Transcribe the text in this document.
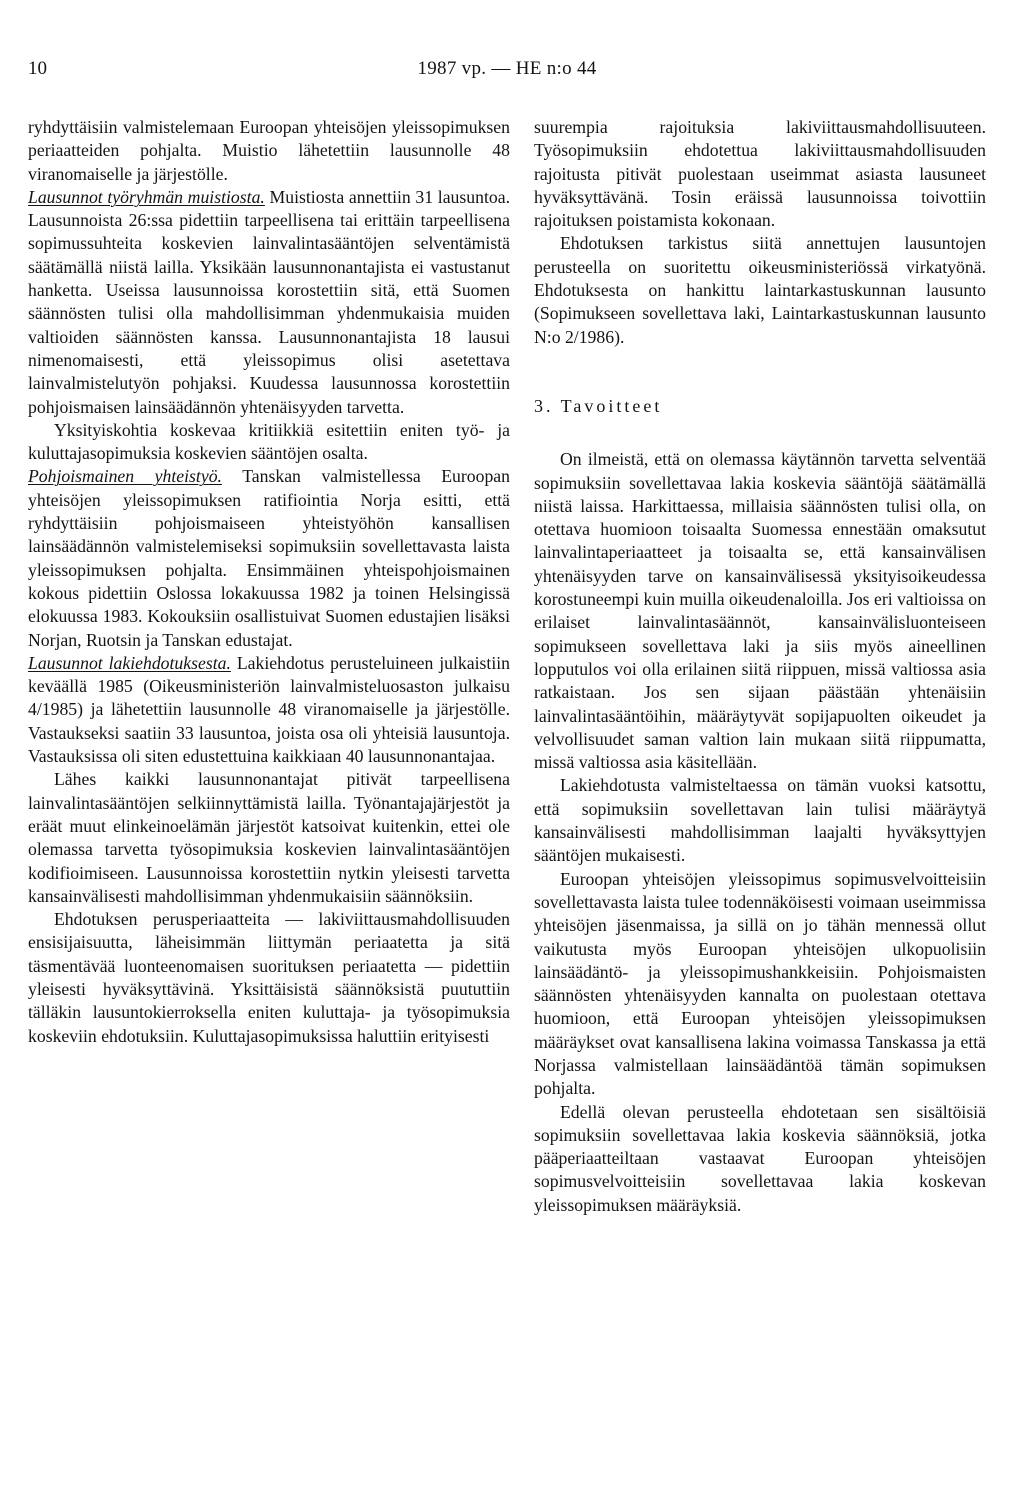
10	1987 vp. — HE n:o 44

ryhdyttäisiin valmistelemaan Euroopan yhteisöjen yleissopimuksen periaatteiden pohjalta. Muistio lähetettiin lausunnolle 48 viranomaiselle ja järjestölle.

Lausunnot työryhmän muistiosta. Muistiosta annettiin 31 lausuntoa. Lausunnoista 26:ssa pidettiin tarpeellisena tai erittäin tarpeellisena sopimussuhteita koskevien lainvalintasääntöjen selventämistä säätämällä niistä lailla. Yksikään lausunnonantajista ei vastustanut hanketta. Useissa lausunnoissa korostettiin sitä, että Suomen säännösten tulisi olla mahdollisimman yhdenmukaisia muiden valtioiden säännösten kanssa. Lausunnonantajista 18 lausui nimenomaisesti, että yleissopimus olisi asetettava lainvalmistelutyön pohjaksi. Kuudessa lausunnossa korostettiin pohjoismaisen lainsäädännön yhtenäisyyden tarvetta.

Yksityiskohtia koskevaa kritiikkiä esitettiin eniten työ- ja kuluttajasopimuksia koskevien sääntöjen osalta.

Pohjoismainen yhteistyö. Tanskan valmistellessa Euroopan yhteisöjen yleissopimuksen ratifiointia Norja esitti, että ryhdyttäisiin pohjoismaiseen yhteistyöhön kansallisen lainsäädännön valmistelemiseksi sopimuksiin sovellettavasta laista yleissopimuksen pohjalta. Ensimmäinen yhteispohjoismainen kokous pidettiin Oslossa lokakuussa 1982 ja toinen Helsingissä elokuussa 1983. Kokouksiin osallistuivat Suomen edustajien lisäksi Norjan, Ruotsin ja Tanskan edustajat.

Lausunnot lakiehdotuksesta. Lakiehdotus perusteluineen julkaistiin keväällä 1985 (Oikeusministeriön lainvalmisteluosaston julkaisu 4/1985) ja lähetettiin lausunnolle 48 viranomaiselle ja järjestölle. Vastaukseksi saatiin 33 lausuntoa, joista osa oli yhteisiä lausuntoja. Vastauksissa oli siten edustettuina kaikkiaan 40 lausunnonantajaa.

Lähes kaikki lausunnonantajat pitivät tarpeellisena lainvalintasääntöjen selkiinnyttämistä lailla. Työnantajajärjestöt ja eräät muut elinkeinoelämän järjestöt katsoivat kuitenkin, ettei ole olemassa tarvetta työsopimuksia koskevien lainvalintasääntöjen kodifioimiseen. Lausunnoissa korostettiin nytkin yleisesti tarvetta kansainvälisesti mahdollisimman yhdenmukaisiin säännöksiin.

Ehdotuksen perusperiaatteita — lakiviittausmahdollisuuden ensisijaisuutta, läheisimmän liittymän periaatetta ja sitä täsmentävää luonteenomaisen suorituksen periaatetta — pidettiin yleisesti hyväksyttävinä. Yksittäisistä säännöksistä puututtiin tälläkin lausuntokierroksella eniten kuluttaja- ja työsopimuksia koskeviin ehdotuksiin. Kuluttajasopimuksissa haluttiin erityisesti

suurempia rajoituksia lakiviittausmahdollisuuteen. Työsopimuksiin ehdotettua lakiviittausmahdollisuuden rajoitusta pitivät puolestaan useimmat asiasta lausuneet hyväksyttävänä. Tosin eräissä lausunnoissa toivottiin rajoituksen poistamista kokonaan.

Ehdotuksen tarkistus siitä annettujen lausuntojen perusteella on suoritettu oikeusministeriössä virkatyönä. Ehdotuksesta on hankittu laintarkastuskunnan lausunto (Sopimukseen sovellettava laki, Laintarkastuskunnan lausunto N:o 2/1986).

3. Tavoitteet

On ilmeistä, että on olemassa käytännön tarvetta selventää sopimuksiin sovellettavaa lakia koskevia sääntöjä säätämällä niistä laissa. Harkittaessa, millaisia säännösten tulisi olla, on otettava huomioon toisaalta Suomessa ennestään omaksutut lainvalintaperiaatteet ja toisaalta se, että kansainvälisen yhtenäisyyden tarve on kansainvälisessä yksityisoikeudessa korostuneempi kuin muilla oikeudenaloilla. Jos eri valtioissa on erilaiset lainvalintasäännöt, kansainvälisluonteiseen sopimukseen sovellettava laki ja siis myös aineellinen lopputulos voi olla erilainen siitä riippuen, missä valtiossa asia ratkaistaan. Jos sen sijaan päästään yhtenäisiin lainvalintasääntöihin, määräytyvät sopijapuolten oikeudet ja velvollisuudet saman valtion lain mukaan siitä riippumatta, missä valtiossa asia käsitellään.

Lakiehdotusta valmisteltaessa on tämän vuoksi katsottu, että sopimuksiin sovellettavan lain tulisi määräytyä kansainvälisesti mahdollisimman laajalti hyväksyttyjen sääntöjen mukaisesti.

Euroopan yhteisöjen yleissopimus sopimusvelvoitteisiin sovellettavasta laista tulee todennäköisesti voimaan useimmissa yhteisöjen jäsenmaissa, ja sillä on jo tähän mennessä ollut vaikutusta myös Euroopan yhteisöjen ulkopuolisiin lainsäädäntö- ja yleissopimushankkeisiin. Pohjoismaisten säännösten yhtenäisyyden kannalta on puolestaan otettava huomioon, että Euroopan yhteisöjen yleissopimuksen määräykset ovat kansallisena lakina voimassa Tanskassa ja että Norjassa valmistellaan lainsäädäntöä tämän sopimuksen pohjalta.

Edellä olevan perusteella ehdotetaan sen sisältöisiä sopimuksiin sovellettavaa lakia koskevia säännöksiä, jotka pääperiaatteiltaan vastaavat Euroopan yhteisöjen sopimusvelvoitteisiin sovellettavaa lakia koskevan yleissopimuksen määräyksiä.
